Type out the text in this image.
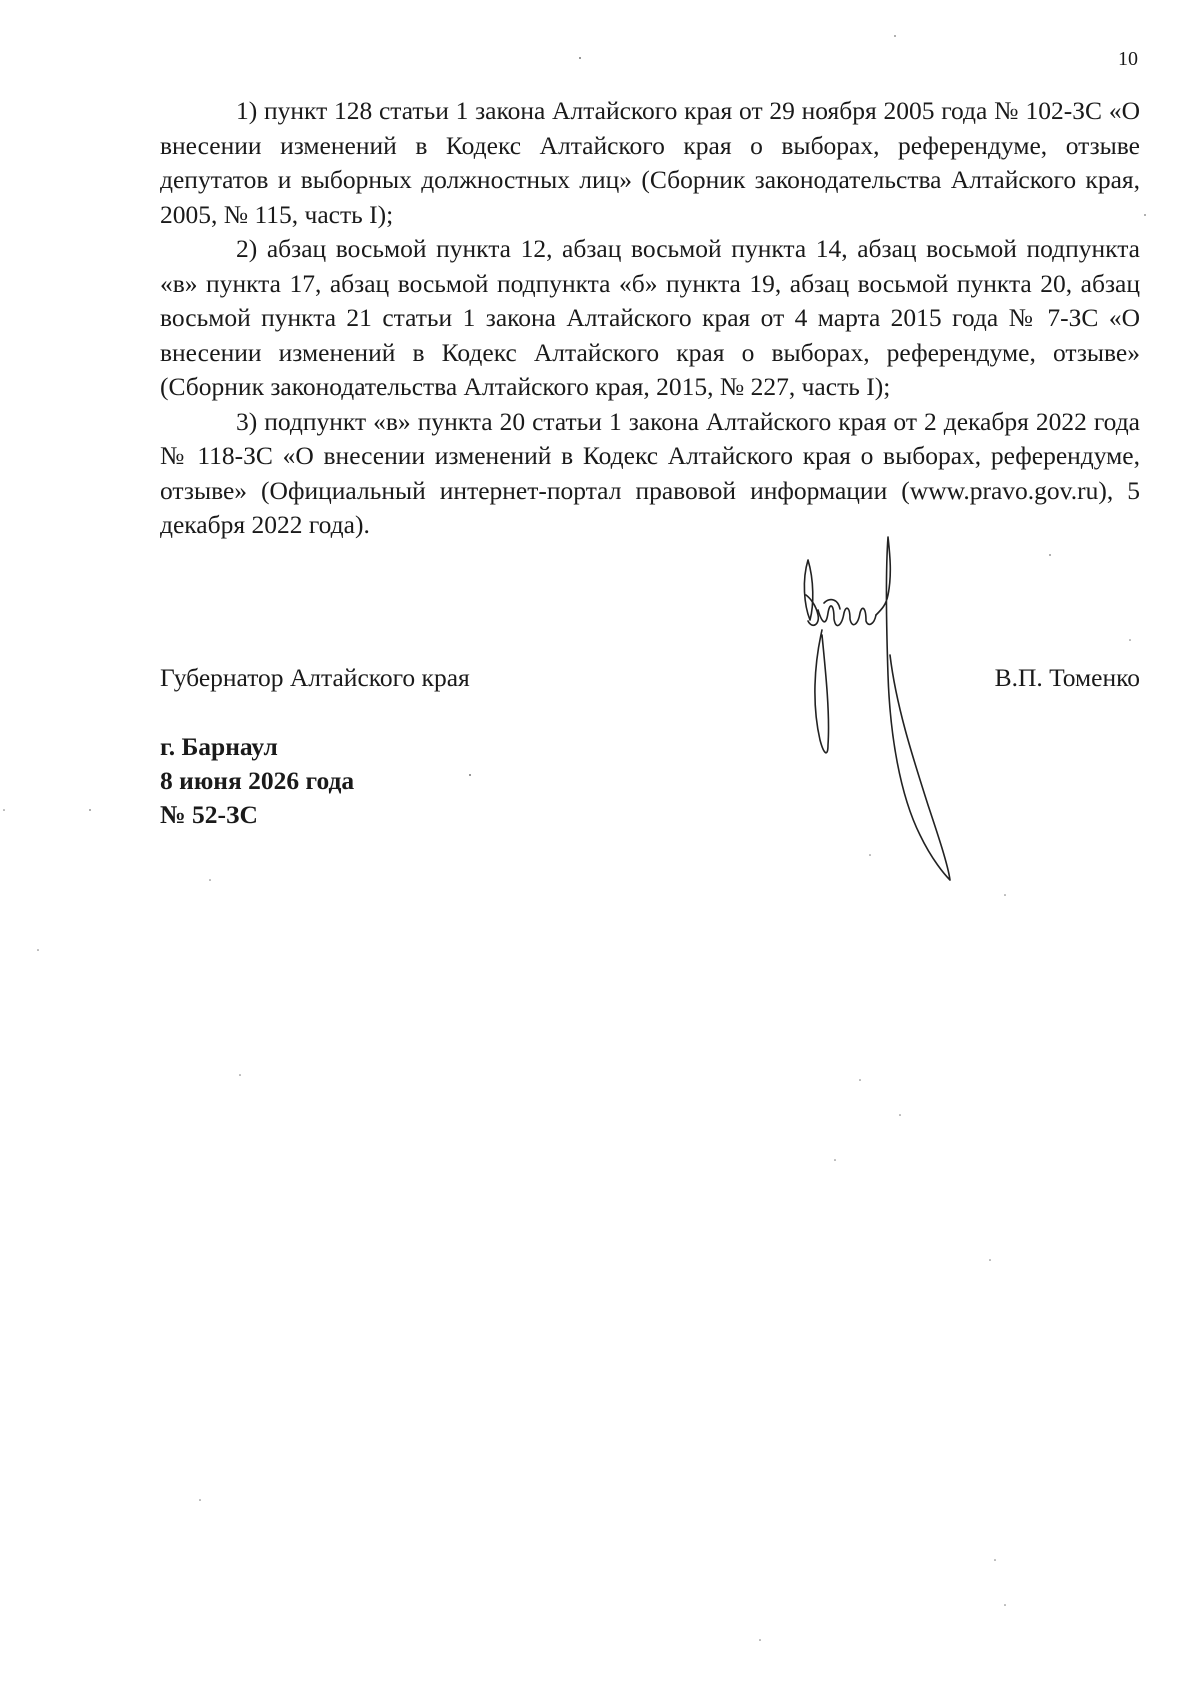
10

1) пункт 128 статьи 1 закона Алтайского края от 29 ноября 2005 года № 102-ЗС «О внесении изменений в Кодекс Алтайского края о выборах, референдуме, отзыве депутатов и выборных должностных лиц» (Сборник законодательства Алтайского края, 2005, № 115, часть I);

2) абзац восьмой пункта 12, абзац восьмой пункта 14, абзац восьмой подпункта «в» пункта 17, абзац восьмой подпункта «б» пункта 19, абзац восьмой пункта 20, абзац восьмой пункта 21 статьи 1 закона Алтайского края от 4 марта 2015 года № 7-ЗС «О внесении изменений в Кодекс Алтайского края о выборах, референдуме, отзыве» (Сборник законодательства Алтайского края, 2015, № 227, часть I);

3) подпункт «в» пункта 20 статьи 1 закона Алтайского края от 2 декабря 2022 года № 118-ЗС «О внесении изменений в Кодекс Алтайского края о выборах, референдуме, отзыве» (Официальный интернет-портал правовой информации (www.pravo.gov.ru), 5 декабря 2022 года).

Губернатор Алтайского края	В.П. Томенко
г. Барнаул
8 июня 2026 года
№ 52-ЗС
